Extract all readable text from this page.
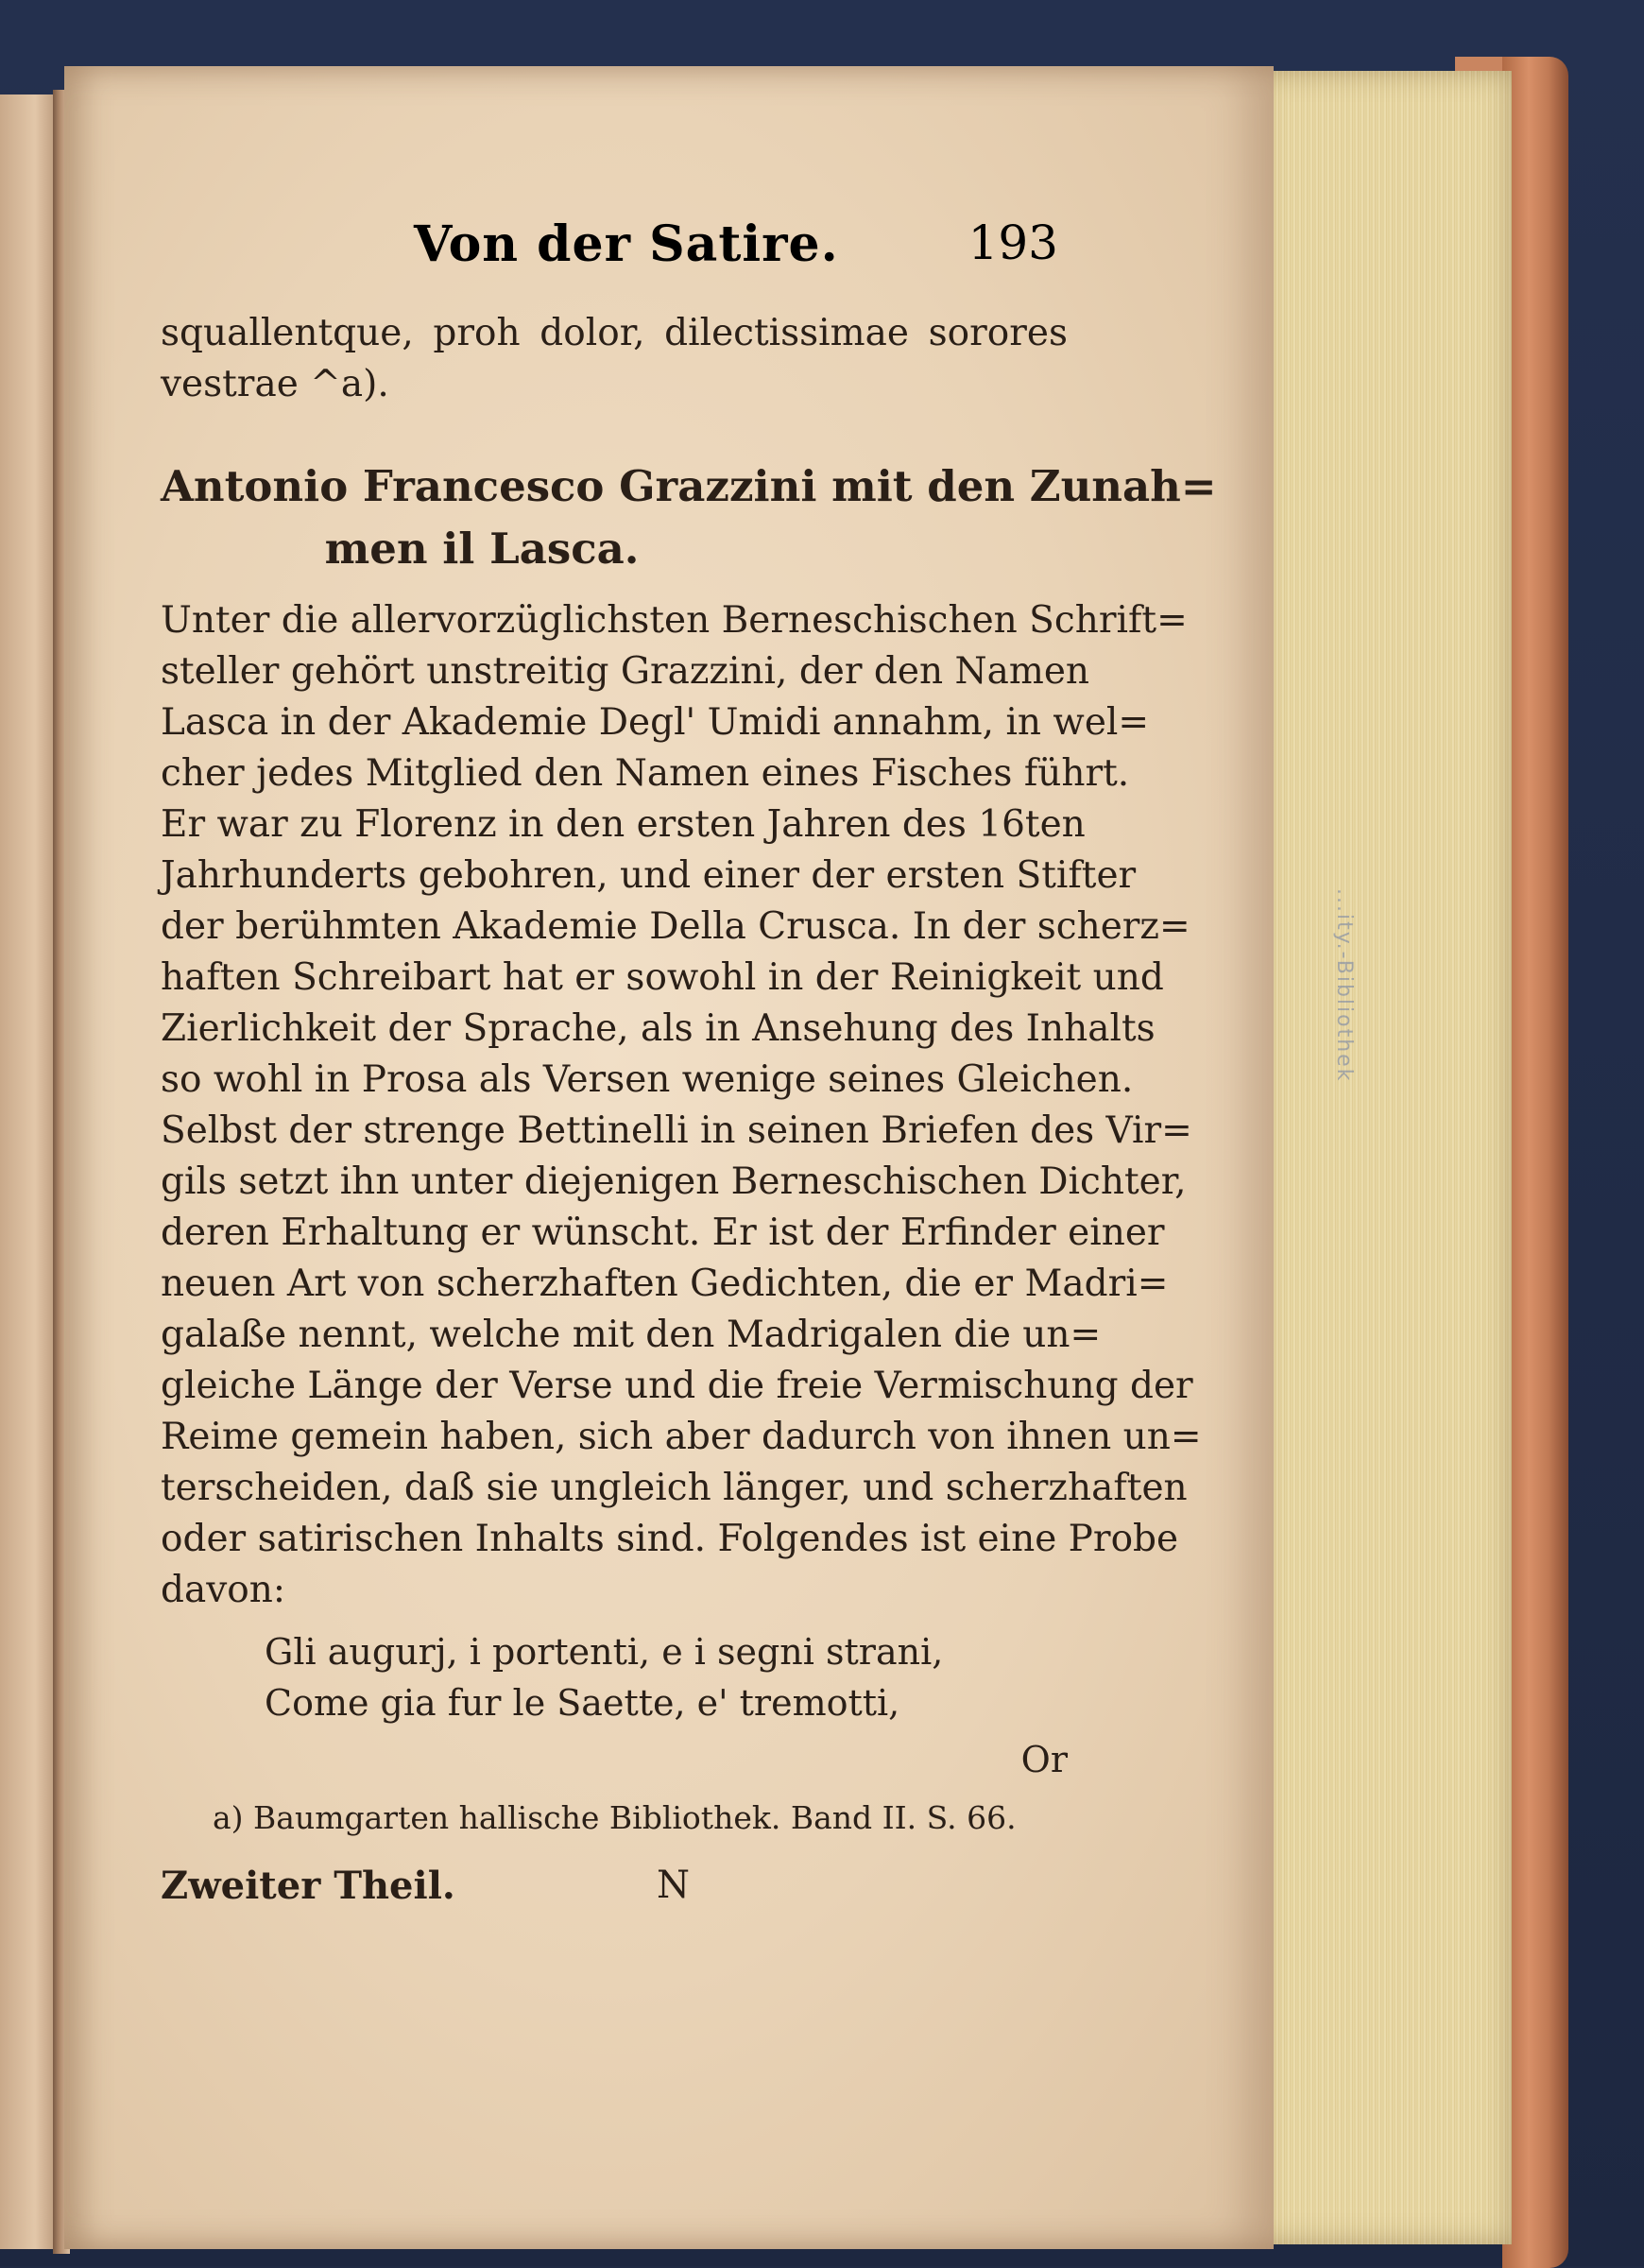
...ity.-Bibliothek
Von der Satire.	193
squallentque, proh dolor, dilectissimae sorores
vestrae ^a).
Antonio Francesco Grazzini mit den Zunah=
men il Lasca.
Unter die allervorzüglichsten Berneschischen Schrift=
steller gehört unstreitig Grazzini, der den Namen
Lasca in der Akademie Degl' Umidi annahm, in wel=
cher jedes Mitglied den Namen eines Fisches führt.
Er war zu Florenz in den ersten Jahren des 16ten
Jahrhunderts gebohren, und einer der ersten Stifter
der berühmten Akademie Della Crusca. In der scherz=
haften Schreibart hat er sowohl in der Reinigkeit und
Zierlichkeit der Sprache, als in Ansehung des Inhalts
so wohl in Prosa als Versen wenige seines Gleichen.
Selbst der strenge Bettinelli in seinen Briefen des Vir=
gils setzt ihn unter diejenigen Berneschischen Dichter,
deren Erhaltung er wünscht. Er ist der Erfinder einer
neuen Art von scherzhaften Gedichten, die er Madri=
galaße nennt, welche mit den Madrigalen die un=
gleiche Länge der Verse und die freie Vermischung der
Reime gemein haben, sich aber dadurch von ihnen un=
terscheiden, daß sie ungleich länger, und scherzhaften
oder satirischen Inhalts sind. Folgendes ist eine Probe
davon:
Gli augurj, i portenti, e i segni strani,
Come gia fur le Saette, e' tremotti,
Or
a) Baumgarten hallische Bibliothek. Band II. S. 66.
Zweiter Theil.	N
